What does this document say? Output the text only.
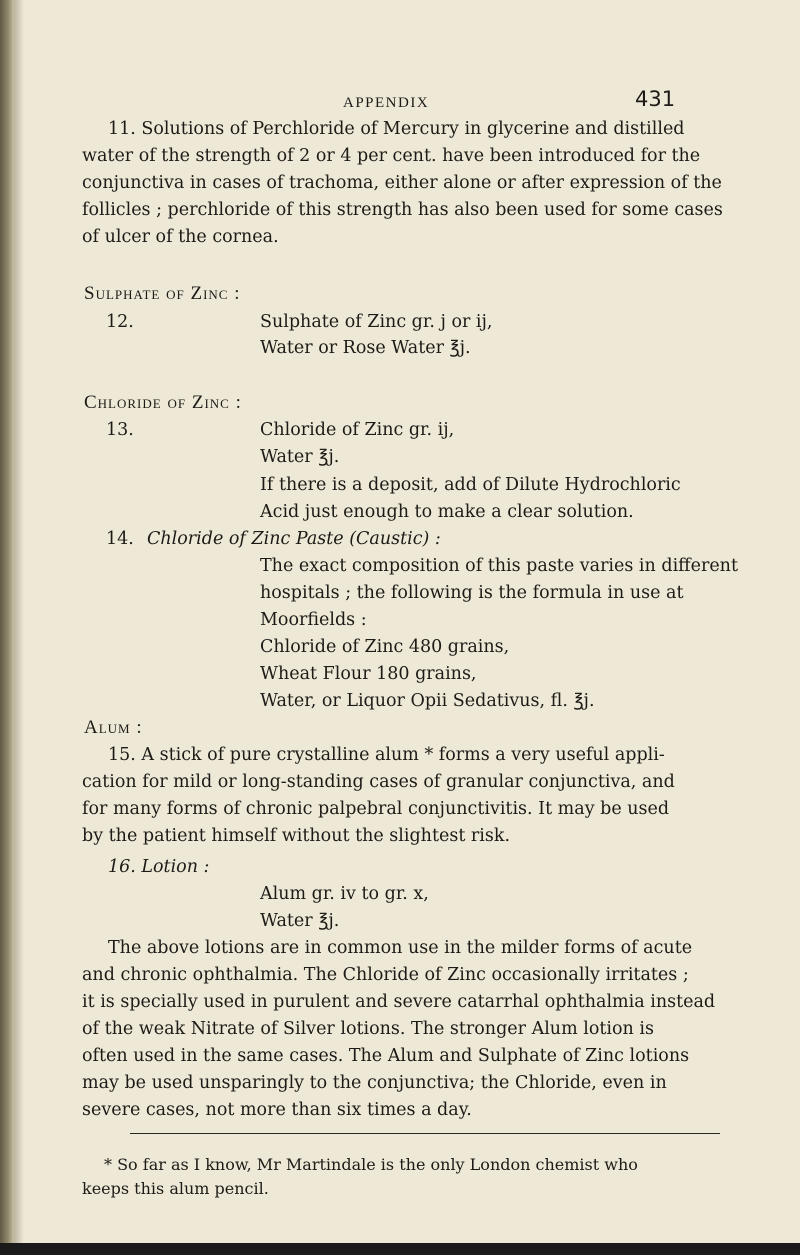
APPENDIX	431
11. Solutions of Perchloride of Mercury in glycerine and distilled
water of the strength of 2 or 4 per cent. have been introduced for the
conjunctiva in cases of trachoma, either alone or after expression of the
follicles ; perchloride of this strength has also been used for some cases
of ulcer of the cornea.
Sulphate of Zinc :
12.	Sulphate of Zinc gr. j or ij,
Water or Rose Water ℥j.
Chloride of Zinc :
13.	Chloride of Zinc gr. ij,
Water ℥j.
If there is a deposit, add of Dilute Hydrochloric
Acid just enough to make a clear solution.
14. Chloride of Zinc Paste (Caustic) :
The exact composition of this paste varies in different
hospitals ; the following is the formula in use at
Moorfields :
Chloride of Zinc 480 grains,
Wheat Flour 180 grains,
Water, or Liquor Opii Sedativus, fl. ℥j.
Alum :
15. A stick of pure crystalline alum * forms a very useful appli-
cation for mild or long-standing cases of granular conjunctiva, and
for many forms of chronic palpebral conjunctivitis. It may be used
by the patient himself without the slightest risk.
16. Lotion :
Alum gr. iv to gr. x,
Water ℥j.
The above lotions are in common use in the milder forms of acute
and chronic ophthalmia. The Chloride of Zinc occasionally irritates ;
it is specially used in purulent and severe catarrhal ophthalmia instead
of the weak Nitrate of Silver lotions. The stronger Alum lotion is
often used in the same cases. The Alum and Sulphate of Zinc lotions
may be used unsparingly to the conjunctiva; the Chloride, even in
severe cases, not more than six times a day.
* So far as I know, Mr Martindale is the only London chemist who
keeps this alum pencil.
